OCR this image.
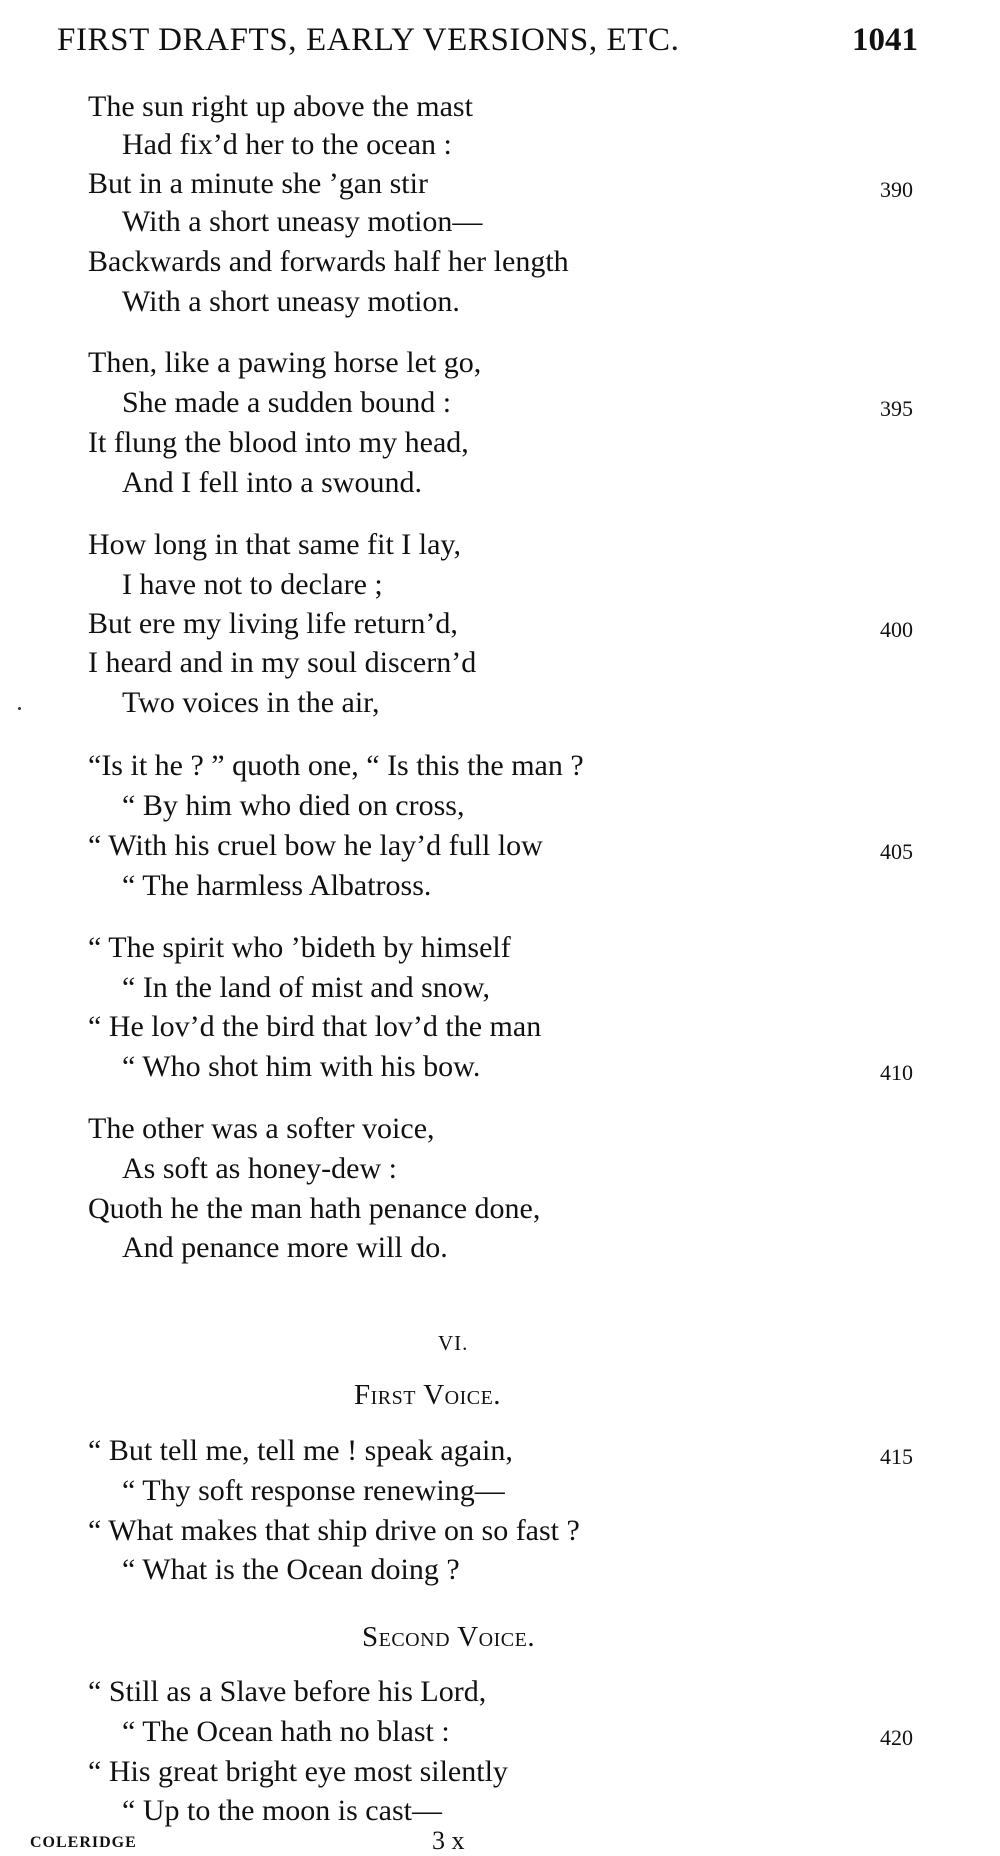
FIRST DRAFTS, EARLY VERSIONS, ETC.	1041
The sun right up above the mast
Had fix’d her to the ocean :
But in a minute she ’gan stir	390
With a short uneasy motion—
Backwards and forwards half her length
With a short uneasy motion.
Then, like a pawing horse let go,
She made a sudden bound :	395
It flung the blood into my head,
And I fell into a swound.
How long in that same fit I lay,
I have not to declare ;
But ere my living life return’d,	400
I heard and in my soul discern’d
Two voices in the air,
“Is it he ? ” quoth one, “ Is this the man ?
“ By him who died on cross,
“ With his cruel bow he lay’d full low	405
“ The harmless Albatross.
“ The spirit who ’bideth by himself
“ In the land of mist and snow,
“ He lov’d the bird that lov’d the man
“ Who shot him with his bow.	410
The other was a softer voice,
As soft as honey-dew :
Quoth he the man hath penance done,
And penance more will do.
VI.
First Voice.
“ But tell me, tell me ! speak again,	415
“ Thy soft response renewing—
“ What makes that ship drive on so fast ?
“ What is the Ocean doing ?
Second Voice.
“ Still as a Slave before his Lord,
“ The Ocean hath no blast :	420
“ His great bright eye most silently
“ Up to the moon is cast—
COLERIDGE	3 x
